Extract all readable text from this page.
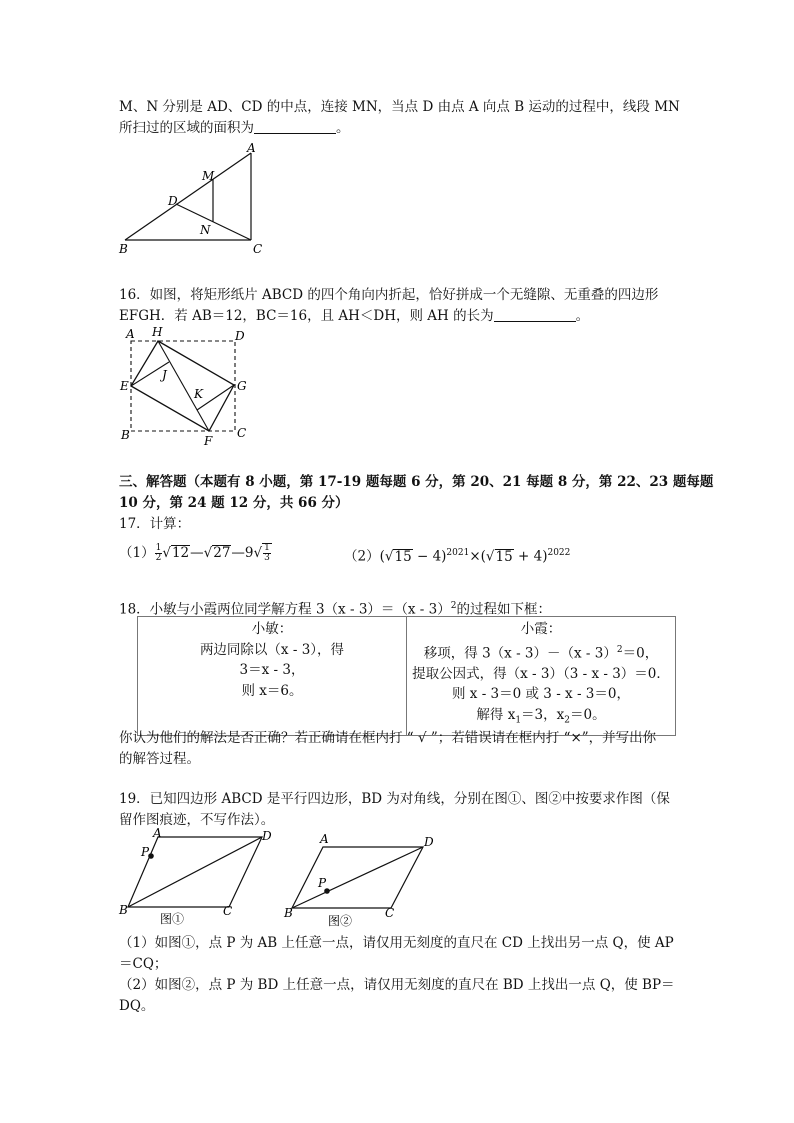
M、N 分别是 AD、CD 的中点，连接 MN，当点 D 由点 A 向点 B 运动的过程中，线段 MN
所扫过的区域的面积为	。
A
M
D
N
B	C
16．如图，将矩形纸片 ABCD 的四个角向内折起，恰好拼成一个无缝隙、无重叠的四边形
EFGH．若 AB＝12，BC＝16，且 AH＜DH，则 AH 的长为	。
A H	D
J
E	G
K
B	F
C
三、解答题（本题有 8 小题，第 17-19 题每题 6 分，第 20、21 每题 8 分，第 22、23 题每题
10 分，第 24 题 12 分，共 66 分）
17．计算：
$(1) \frac{1}{2}$ √12—√27—9√ $\frac{1}{3}$	$(2)(√15 - 4)^{2021}\times(√15 + 4)^{2022}$
18．小敏与小霞两位同学解方程 3（x - 3）＝（x - 3）$^2$的过程如下框：
小敏：
两边同除以（x - 3），得
3＝x - 3，
则 x＝6。

小霞：
移项，得 3（x - 3）－（x - 3）$^2$＝0，
提取公因式，得（x - 3）（3 - x - 3）＝0．
则 x - 3＝0 或 3 - x - 3＝0，
解得 $x_1=3$，$x_2=0$。
你认为他们的解法是否正确？若正确请在框内打 “ √ ”；若错误请在框内打 “×”，并写出你
的解答过程。
19．已知四边形 ABCD 是平行四边形，BD 为对角线，分别在图①、图②中按要求作图（保
留作图痕迹，不写作法）。
A	D
P
B	C
图①
A	D
P
B	C
图②
（1）如图①，点 P 为 AB 上任意一点，请仅用无刻度的直尺在 CD 上找出另一点 Q，使 AP
＝CQ；
（2）如图②，点 P 为 BD 上任意一点，请仅用无刻度的直尺在 BD 上找出一点 Q，使 BP＝
DQ。
